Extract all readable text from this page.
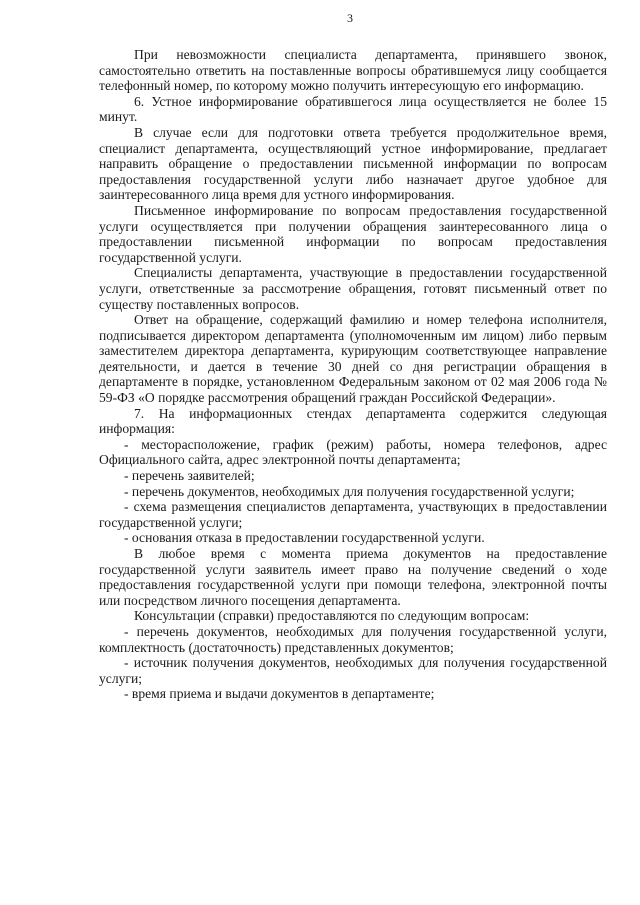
3

При невозможности специалиста департамента, принявшего звонок, самостоятельно ответить на поставленные вопросы обратившемуся лицу сообщается телефонный номер, по которому можно получить интересующую его информацию.

6. Устное информирование обратившегося лица осуществляется не более 15 минут.

В случае если для подготовки ответа требуется продолжительное время, специалист департамента, осуществляющий устное информирование, предлагает направить обращение о предоставлении письменной информации по вопросам предоставления государственной услуги либо назначает другое удобное для заинтересованного лица время для устного информирования.

Письменное информирование по вопросам предоставления государственной услуги осуществляется при получении обращения заинтересованного лица о предоставлении письменной информации по вопросам предоставления государственной услуги.

Специалисты департамента, участвующие в предоставлении государственной услуги, ответственные за рассмотрение обращения, готовят письменный ответ по существу поставленных вопросов.

Ответ на обращение, содержащий фамилию и номер телефона исполнителя, подписывается директором департамента (уполномоченным им лицом) либо первым заместителем директора департамента, курирующим соответствующее направление деятельности, и дается в течение 30 дней со дня регистрации обращения в департаменте в порядке, установленном Федеральным законом от 02 мая 2006 года № 59-ФЗ «О порядке рассмотрения обращений граждан Российской Федерации».

7. На информационных стендах департамента содержится следующая информация:

- месторасположение, график (режим) работы, номера телефонов, адрес Официального сайта, адрес электронной почты департамента;

- перечень заявителей;

- перечень документов, необходимых для получения государственной услуги;

- схема размещения специалистов департамента, участвующих в предоставлении государственной услуги;

- основания отказа в предоставлении государственной услуги.

В любое время с момента приема документов на предоставление государственной услуги заявитель имеет право на получение сведений о ходе предоставления государственной услуги при помощи телефона, электронной почты или посредством личного посещения департамента.

Консультации (справки) предоставляются по следующим вопросам:

- перечень документов, необходимых для получения государственной услуги, комплектность (достаточность) представленных документов;

- источник получения документов, необходимых для получения государственной услуги;

- время приема и выдачи документов в департаменте;
